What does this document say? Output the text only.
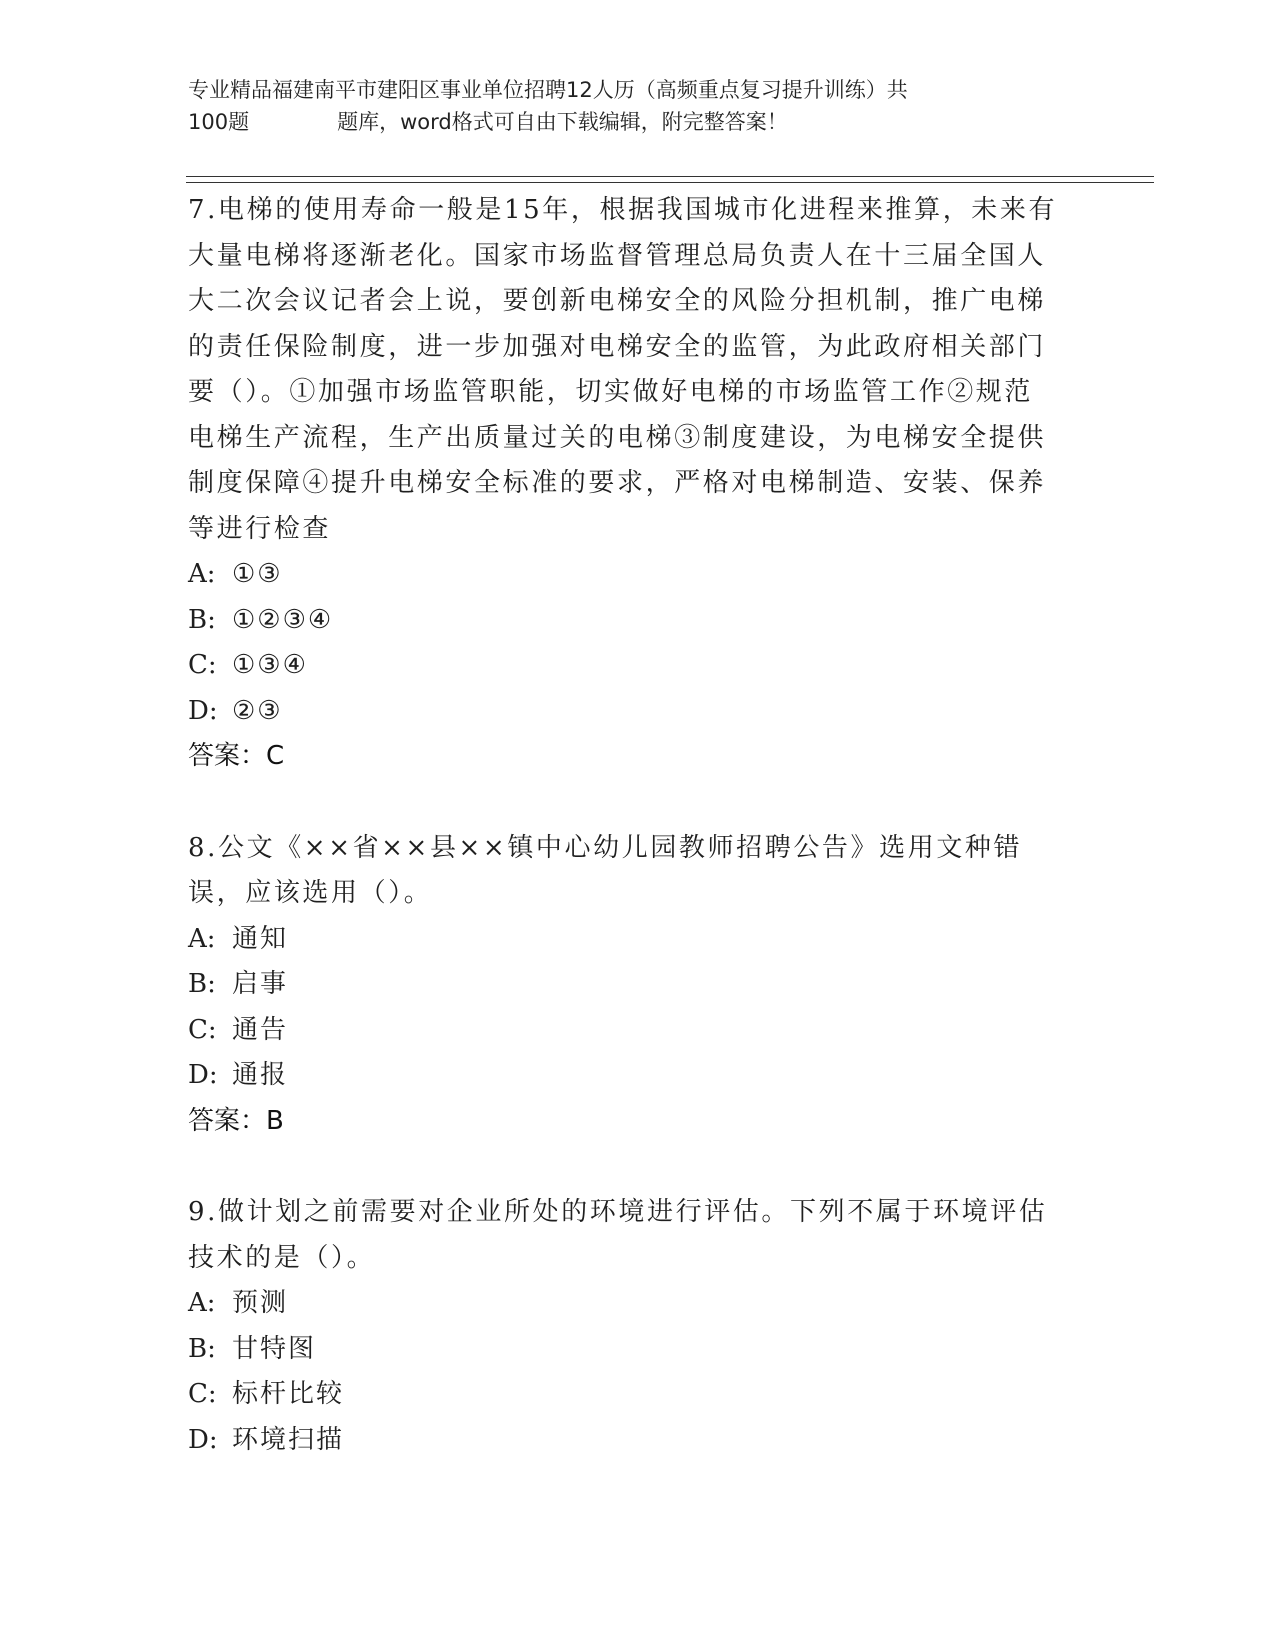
专业精品福建南平市建阳区事业单位招聘12人历（高频重点复习提升训练）共
100题	题库，word格式可自由下载编辑，附完整答案！

7.电梯的使用寿命一般是15年，根据我国城市化进程来推算，未来有

大量电梯将逐渐老化。国家市场监督管理总局负责人在十三届全国人

大二次会议记者会上说，要创新电梯安全的风险分担机制，推广电梯

的责任保险制度，进一步加强对电梯安全的监管，为此政府相关部门

要（）。①加强市场监管职能，切实做好电梯的市场监管工作②规范

电梯生产流程，生产出质量过关的电梯③制度建设，为电梯安全提供

制度保障④提升电梯安全标准的要求，严格对电梯制造、安装、保养

等进行检查

A: ①③

B: ①②③④

C: ①③④

D: ②③

答案：C

8.公文《××省××县××镇中心幼儿园教师招聘公告》选用文种错

误，应该选用（）。

A: 通知

B: 启事

C: 通告

D: 通报

答案：B

9.做计划之前需要对企业所处的环境进行评估。下列不属于环境评估

技术的是（）。

A: 预测

B: 甘特图

C: 标杆比较

D: 环境扫描
